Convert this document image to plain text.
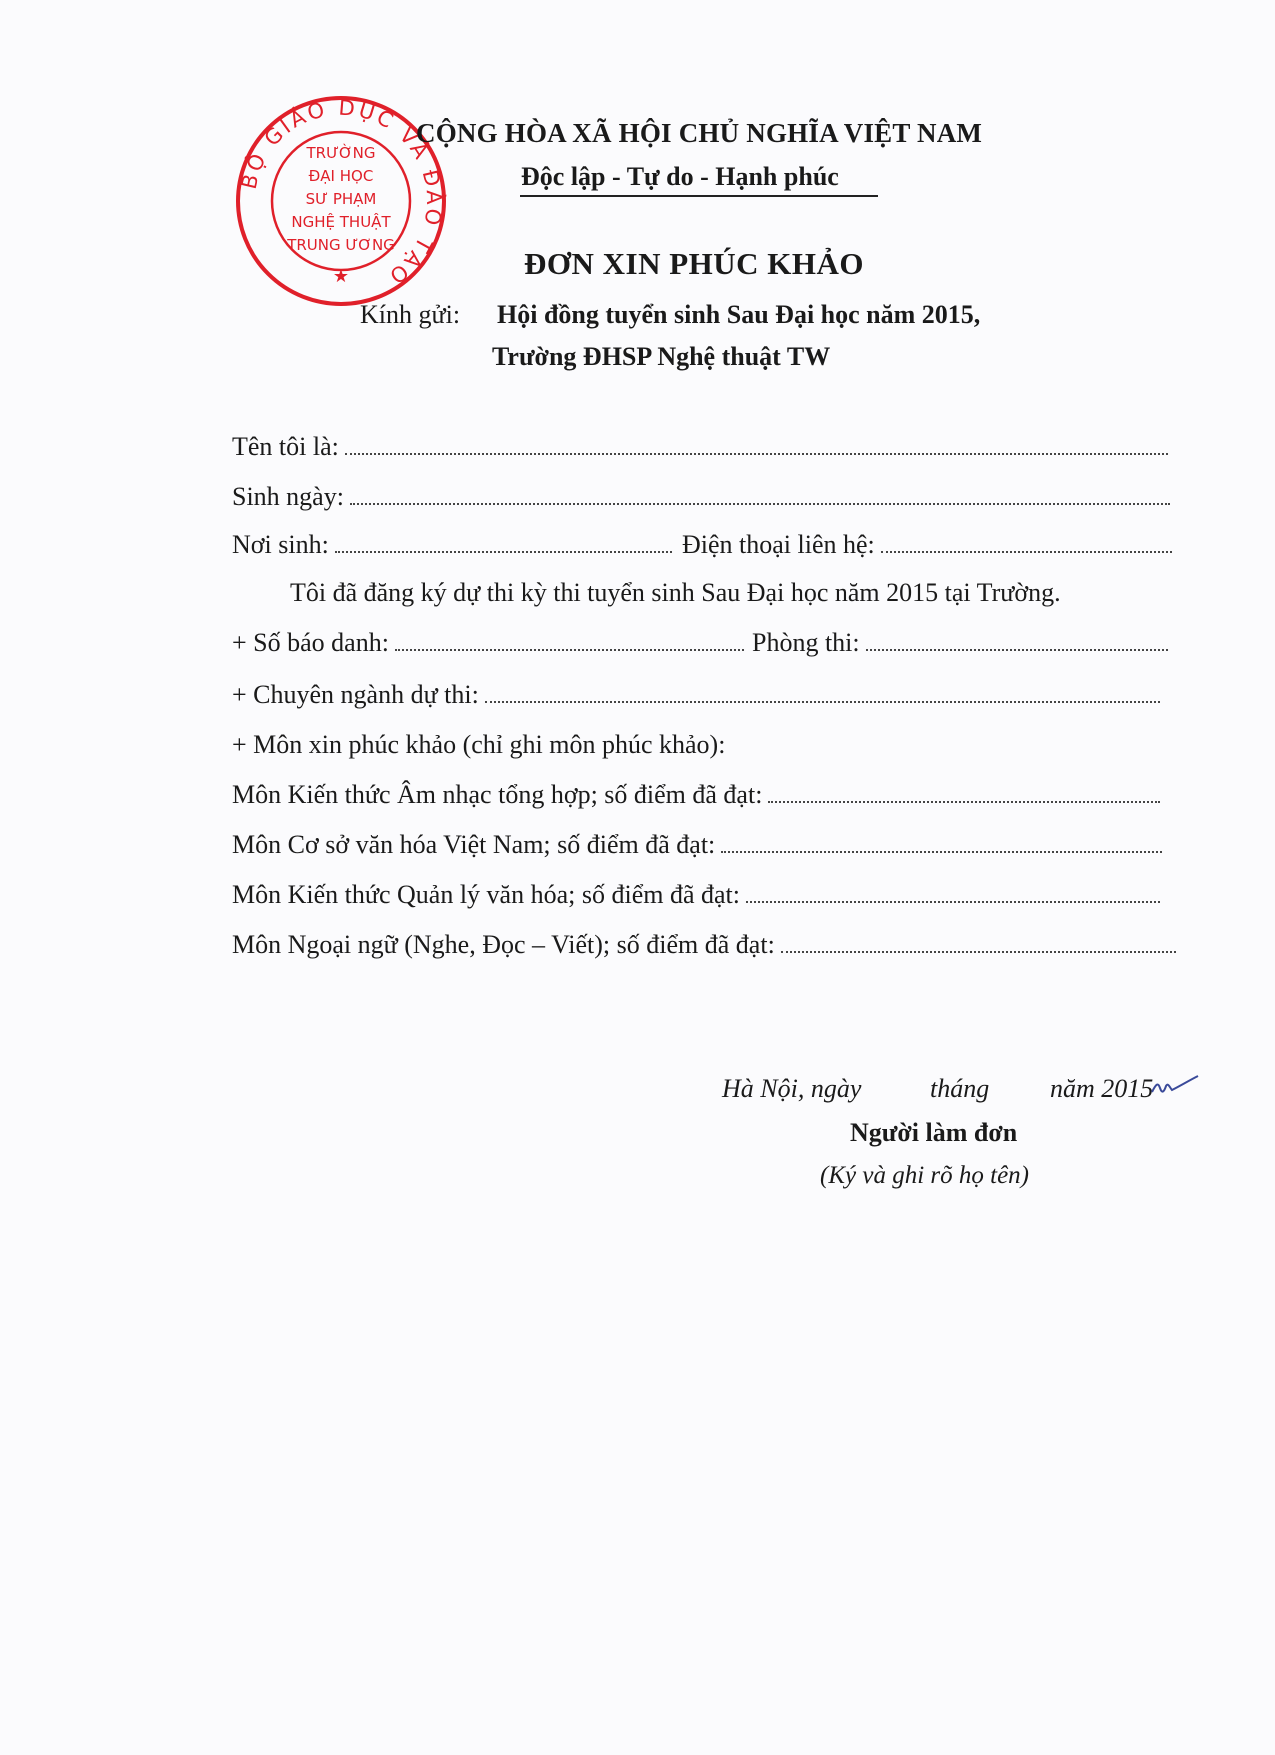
BỘ GIÁO DỤC VÀ ĐÀO TẠO
★
TRƯỜNG
ĐẠI HỌC
SƯ PHẠM
NGHỆ THUẬT
TRUNG ƯƠNG
CỘNG HÒA XÃ HỘI CHỦ NGHĨA VIỆT NAM
Độc lập - Tự do - Hạnh phúc
ĐƠN XIN PHÚC KHẢO
Kính gửi: Hội đồng tuyển sinh Sau Đại học năm 2015,
Trường ĐHSP Nghệ thuật TW
Tên tôi là:
Sinh ngày:
Nơi sinh:	Điện thoại liên hệ:
Tôi đã đăng ký dự thi kỳ thi tuyển sinh Sau Đại học năm 2015 tại Trường.
+ Số báo danh:	Phòng thi:
+ Chuyên ngành dự thi:
+ Môn xin phúc khảo (chỉ ghi môn phúc khảo):
Môn Kiến thức Âm nhạc tổng hợp; số điểm đã đạt:
Môn Cơ sở văn hóa Việt Nam; số điểm đã đạt:
Môn Kiến thức Quản lý văn hóa; số điểm đã đạt:
Môn Ngoại ngữ (Nghe, Đọc – Viết); số điểm đã đạt:
Hà Nội, ngày	tháng năm 2015
Người làm đơn
(Ký và ghi rõ họ tên)
